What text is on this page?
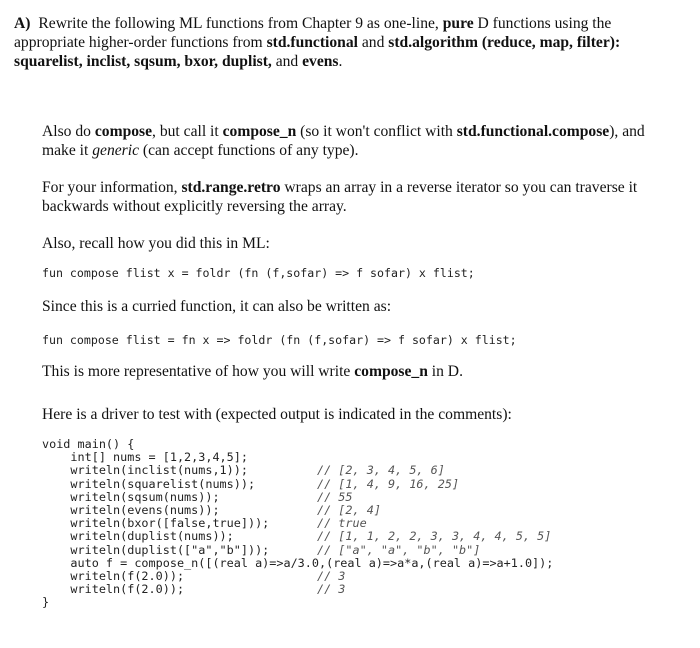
A) Rewrite the following ML functions from Chapter 9 as one-line, pure D functions using the appropriate higher-order functions from std.functional and std.algorithm (reduce, map, filter): squarelist, inclist, sqsum, bxor, duplist, and evens.
Also do compose, but call it compose_n (so it won't conflict with std.functional.compose), and make it generic (can accept functions of any type).
For your information, std.range.retro wraps an array in a reverse iterator so you can traverse it backwards without explicitly reversing the array.
Also, recall how you did this in ML:
fun compose flist x = foldr (fn (f,sofar) => f sofar) x flist;
Since this is a curried function, it can also be written as:
fun compose flist = fn x => foldr (fn (f,sofar) => f sofar) x flist;
This is more representative of how you will write compose_n in D.
Here is a driver to test with (expected output is indicated in the comments):
void main() {
int[] nums = [1,2,3,4,5];
writeln(inclist(nums,1));	// [2, 3, 4, 5, 6]
writeln(squarelist(nums));	// [1, 4, 9, 16, 25]
writeln(sqsum(nums));	// 55
writeln(evens(nums));	// [2, 4]
writeln(bxor([false,true]));	// true
writeln(duplist(nums));	// [1, 1, 2, 2, 3, 3, 4, 4, 5, 5]
writeln(duplist(["a","b"]));	// ["a", "a", "b", "b"]
auto f = compose_n([(real a)=>a/3.0,(real a)=>a*a,(real a)=>a+1.0]);
writeln(f(2.0));	// 3
writeln(f(2.0));	// 3
}
